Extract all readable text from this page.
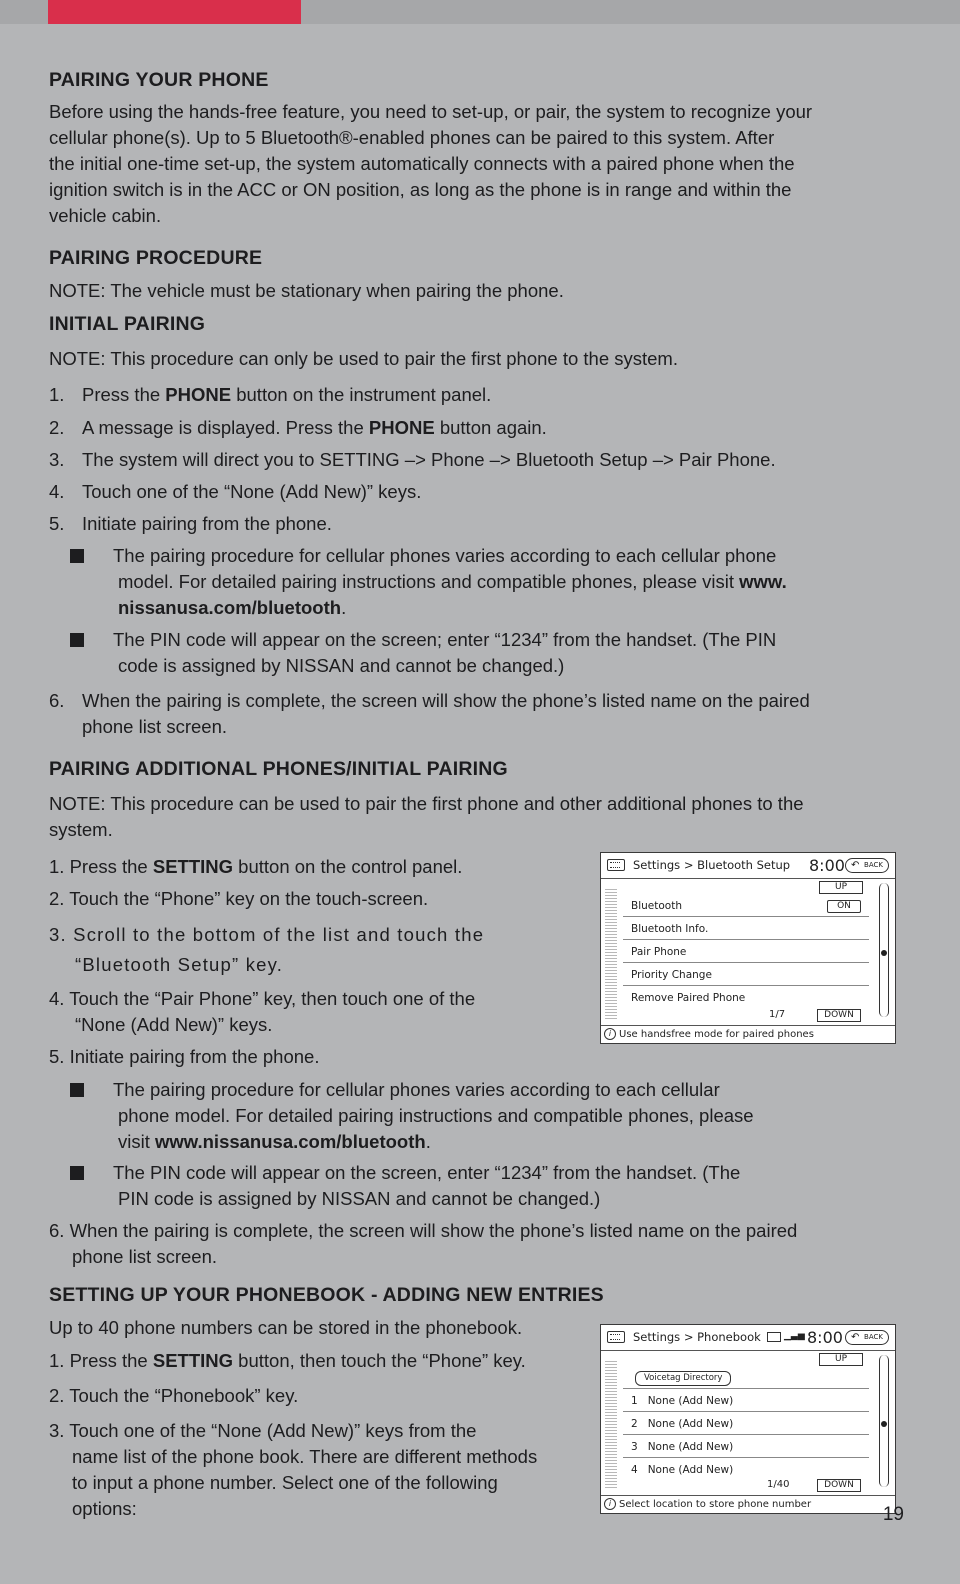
PAIRING YOUR PHONE
Before using the hands-free feature, you need to set-up, or pair, the system to recognize your
cellular phone(s). Up to 5 Bluetooth®-enabled phones can be paired to this system. After
the initial one-time set-up, the system automatically connects with a paired phone when the
ignition switch is in the ACC or ON position, as long as the phone is in range and within the
vehicle cabin.
PAIRING PROCEDURE
NOTE: The vehicle must be stationary when pairing the phone.
INITIAL PAIRING
NOTE: This procedure can only be used to pair the first phone to the system.
1. Press the PHONE button on the instrument panel.
2. A message is displayed. Press the PHONE button again.
3. The system will direct you to SETTING –> Phone –> Bluetooth Setup –> Pair Phone.
4. Touch one of the “None (Add New)” keys.
5. Initiate pairing from the phone.
The pairing procedure for cellular phones varies according to each cellular phone
model. For detailed pairing instructions and compatible phones, please visit www.
nissanusa.com/bluetooth.
The PIN code will appear on the screen; enter “1234” from the handset. (The PIN
code is assigned by NISSAN and cannot be changed.)
6. When the pairing is complete, the screen will show the phone’s listed name on the paired
phone list screen.
PAIRING ADDITIONAL PHONES/INITIAL PAIRING
NOTE: This procedure can be used to pair the first phone and other additional phones to the
system.
1. Press the SETTING button on the control panel.
2. Touch the “Phone” key on the touch-screen.
3. Scroll to the bottom of the list and touch the
“Bluetooth Setup” key.
4. Touch the “Pair Phone” key, then touch one of the
“None (Add New)” keys.
5. Initiate pairing from the phone.
The pairing procedure for cellular phones varies according to each cellular
phone model. For detailed pairing instructions and compatible phones, please
visit www.nissanusa.com/bluetooth.
The PIN code will appear on the screen, enter “1234” from the handset. (The
PIN code is assigned by NISSAN and cannot be changed.)
6. When the pairing is complete, the screen will show the phone’s listed name on the paired
phone list screen.
SETTING UP YOUR PHONEBOOK - ADDING NEW ENTRIES
Up to 40 phone numbers can be stored in the phonebook.
1. Press the SETTING button, then touch the “Phone” key.
2. Touch the “Phonebook” key.
3. Touch one of the “None (Add New)” keys from the
name list of the phone book. There are different methods
to input a phone number. Select one of the following
options:
Settings > Bluetooth Setup 8:00	↶ BACK
UP
Bluetooth	ON
Bluetooth Info.
Pair Phone
Priority Change
Remove Paired Phone
1/7	DOWN
i Use handsfree mode for paired phones
Settings > Phonebook	▁▃▅ 8:00	↶ BACK
UP
Voicetag Directory
1   None (Add New)
2   None (Add New)
3   None (Add New)
4   None (Add New)
1/40	DOWN
i Select location to store phone number	19
